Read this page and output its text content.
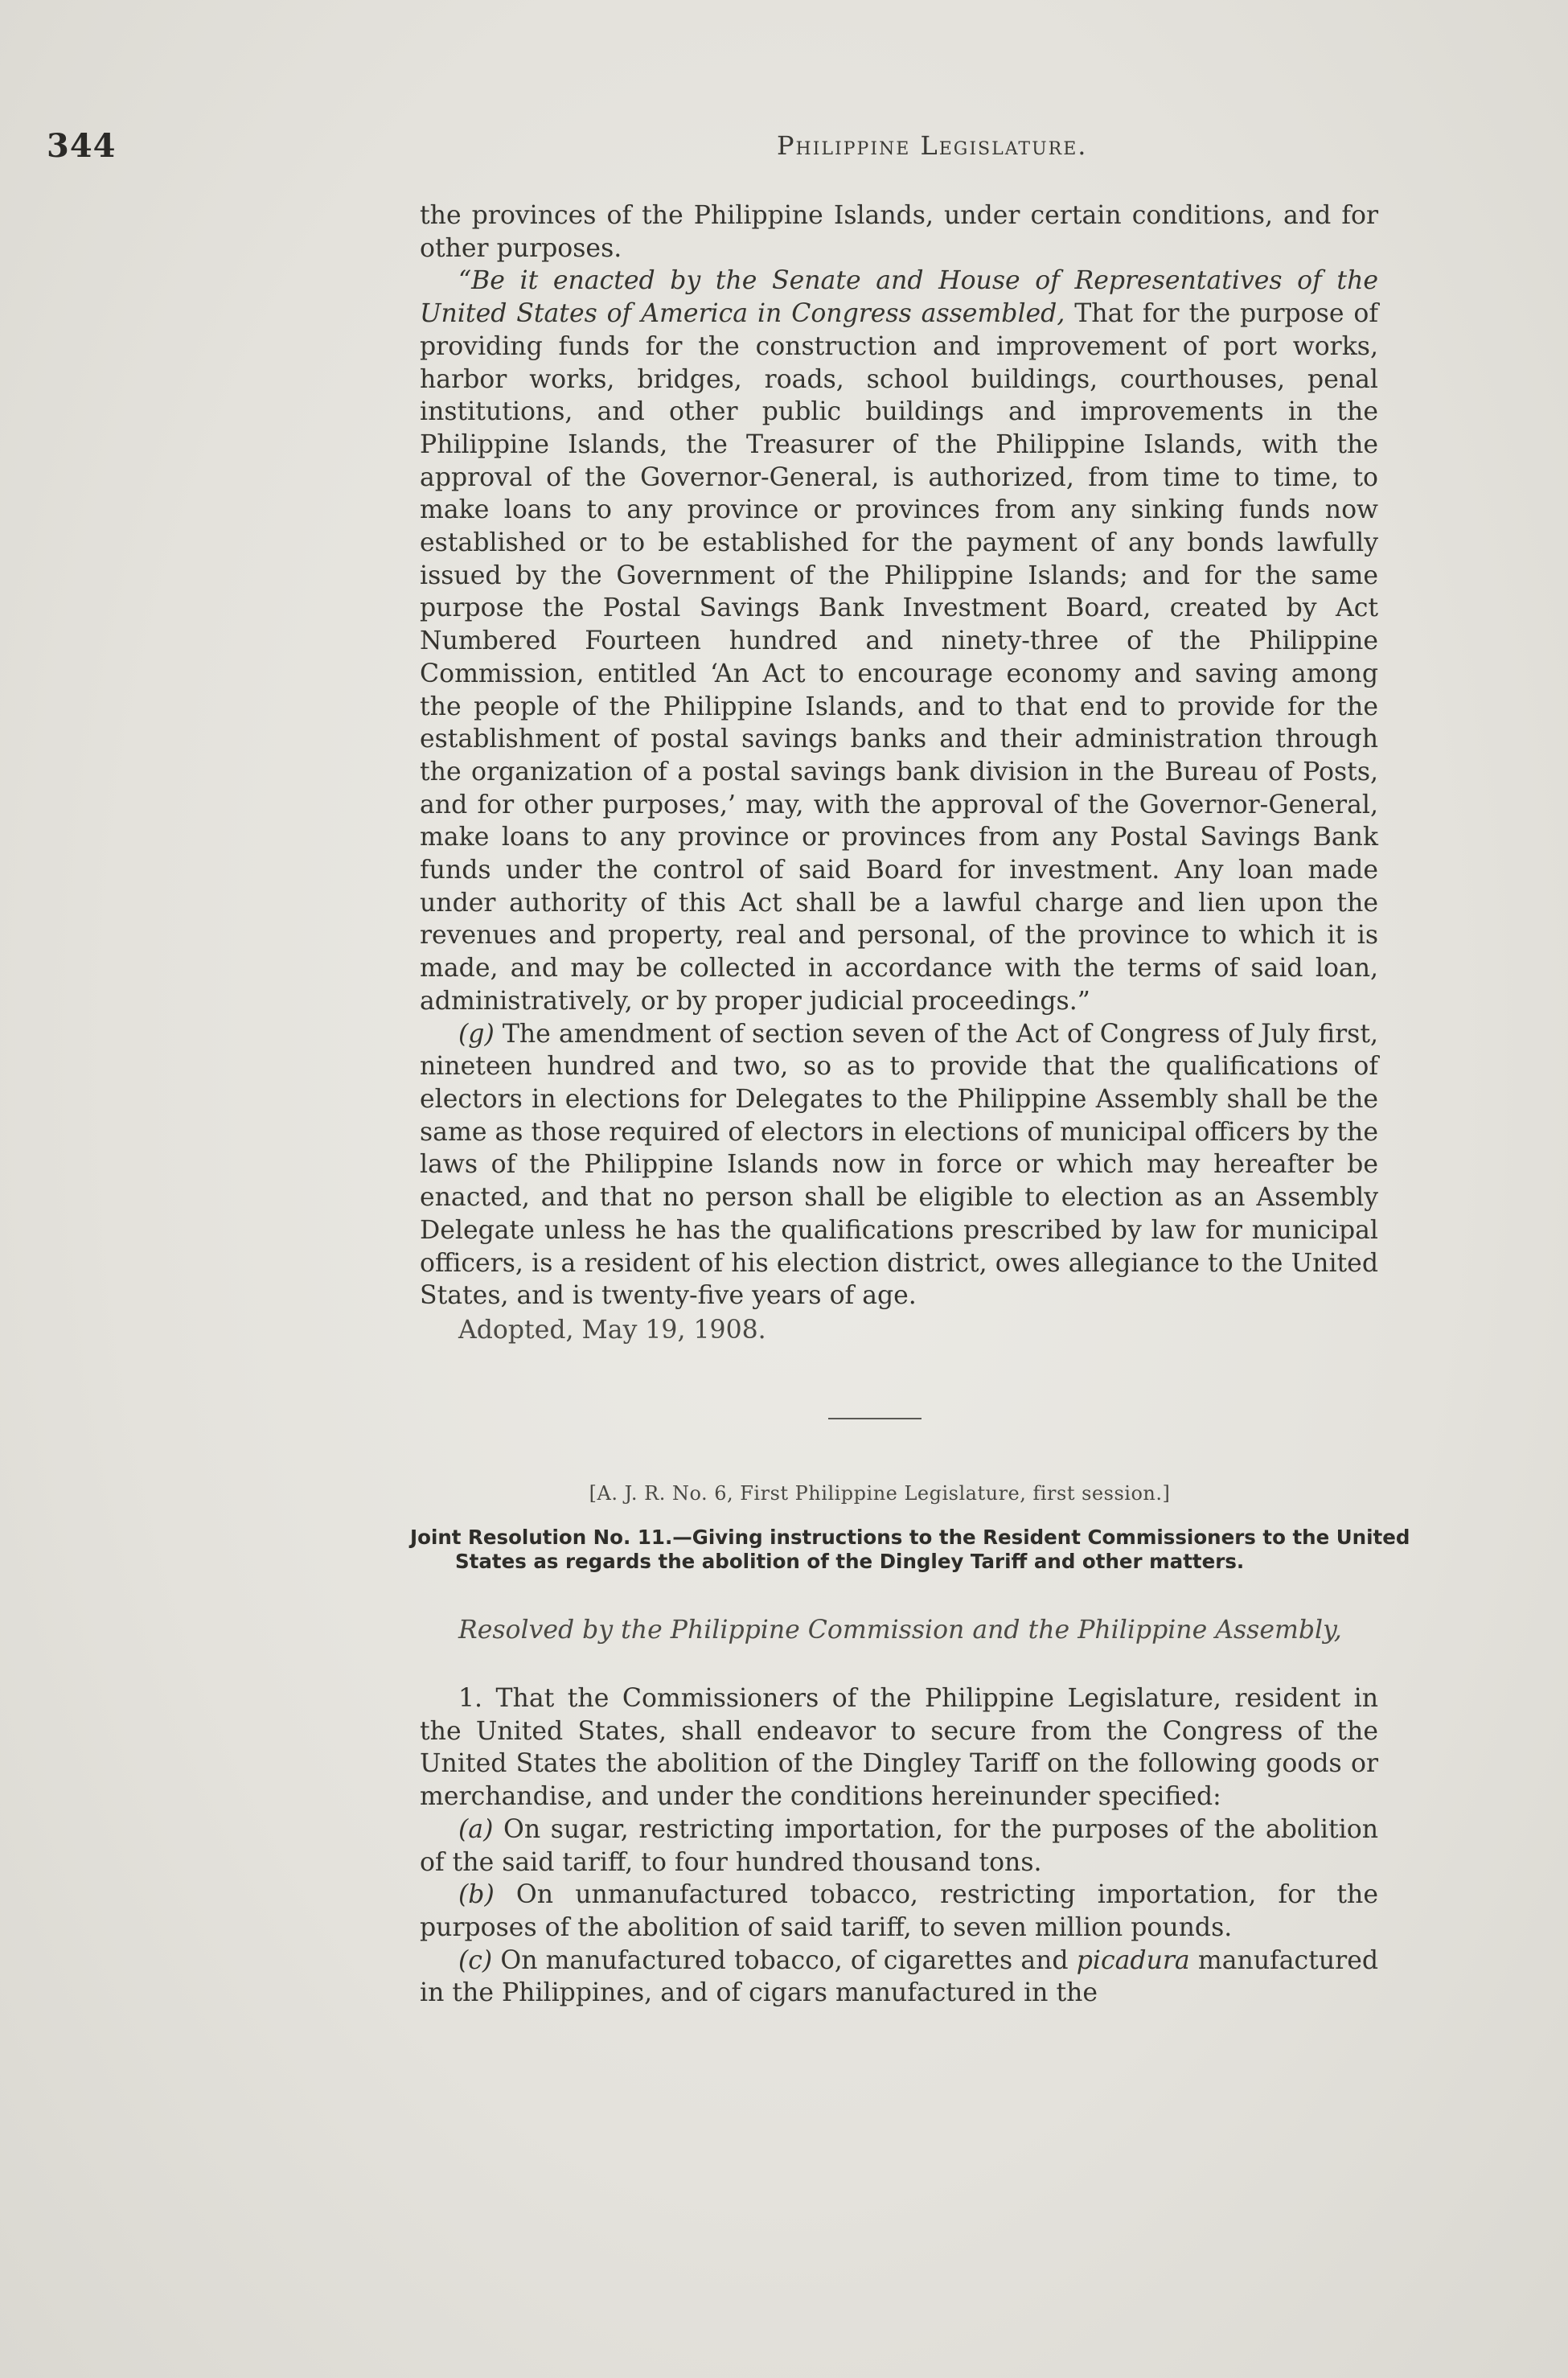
344	Philippine Legislature.

the provinces of the Philippine Islands, under certain conditions, and for other purposes.

“Be it enacted by the Senate and House of Representatives of the United States of America in Congress assembled, That for the purpose of providing funds for the construction and improvement of port works, harbor works, bridges, roads, school buildings, courthouses, penal institutions, and other public buildings and improvements in the Philippine Islands, the Treasurer of the Philippine Islands, with the approval of the Governor-General, is authorized, from time to time, to make loans to any province or provinces from any sinking funds now established or to be established for the payment of any bonds lawfully issued by the Government of the Philippine Islands; and for the same purpose the Postal Savings Bank Investment Board, created by Act Numbered Fourteen hundred and ninety-three of the Philippine Commission, entitled ‘An Act to encourage economy and saving among the people of the Philippine Islands, and to that end to provide for the establishment of postal savings banks and their administration through the organization of a postal savings bank division in the Bureau of Posts, and for other purposes,’ may, with the approval of the Governor-General, make loans to any province or provinces from any Postal Savings Bank funds under the control of said Board for investment. Any loan made under authority of this Act shall be a lawful charge and lien upon the revenues and property, real and personal, of the province to which it is made, and may be collected in accordance with the terms of said loan, administratively, or by proper judicial proceedings.”

(g) The amendment of section seven of the Act of Congress of July first, nineteen hundred and two, so as to provide that the qualifications of electors in elections for Delegates to the Philippine Assembly shall be the same as those required of electors in elections of municipal officers by the laws of the Philippine Islands now in force or which may hereafter be enacted, and that no person shall be eligible to election as an Assembly Delegate unless he has the qualifications prescribed by law for municipal officers, is a resident of his election district, owes allegiance to the United States, and is twenty-five years of age.

Adopted, May 19, 1908.

[A. J. R. No. 6, First Philippine Legislature, first session.]

Joint Resolution No. 11.—Giving instructions to the Resident Commissioners to the United States as regards the abolition of the Dingley Tariff and other matters.

Resolved by the Philippine Commission and the Philippine Assembly,

1. That the Commissioners of the Philippine Legislature, resident in the United States, shall endeavor to secure from the Congress of the United States the abolition of the Dingley Tariff on the following goods or merchandise, and under the conditions hereinunder specified:

(a) On sugar, restricting importation, for the purposes of the abolition of the said tariff, to four hundred thousand tons.

(b) On unmanufactured tobacco, restricting importation, for the purposes of the abolition of said tariff, to seven million pounds.

(c) On manufactured tobacco, of cigarettes and picadura manufactured in the Philippines, and of cigars manufactured in the
